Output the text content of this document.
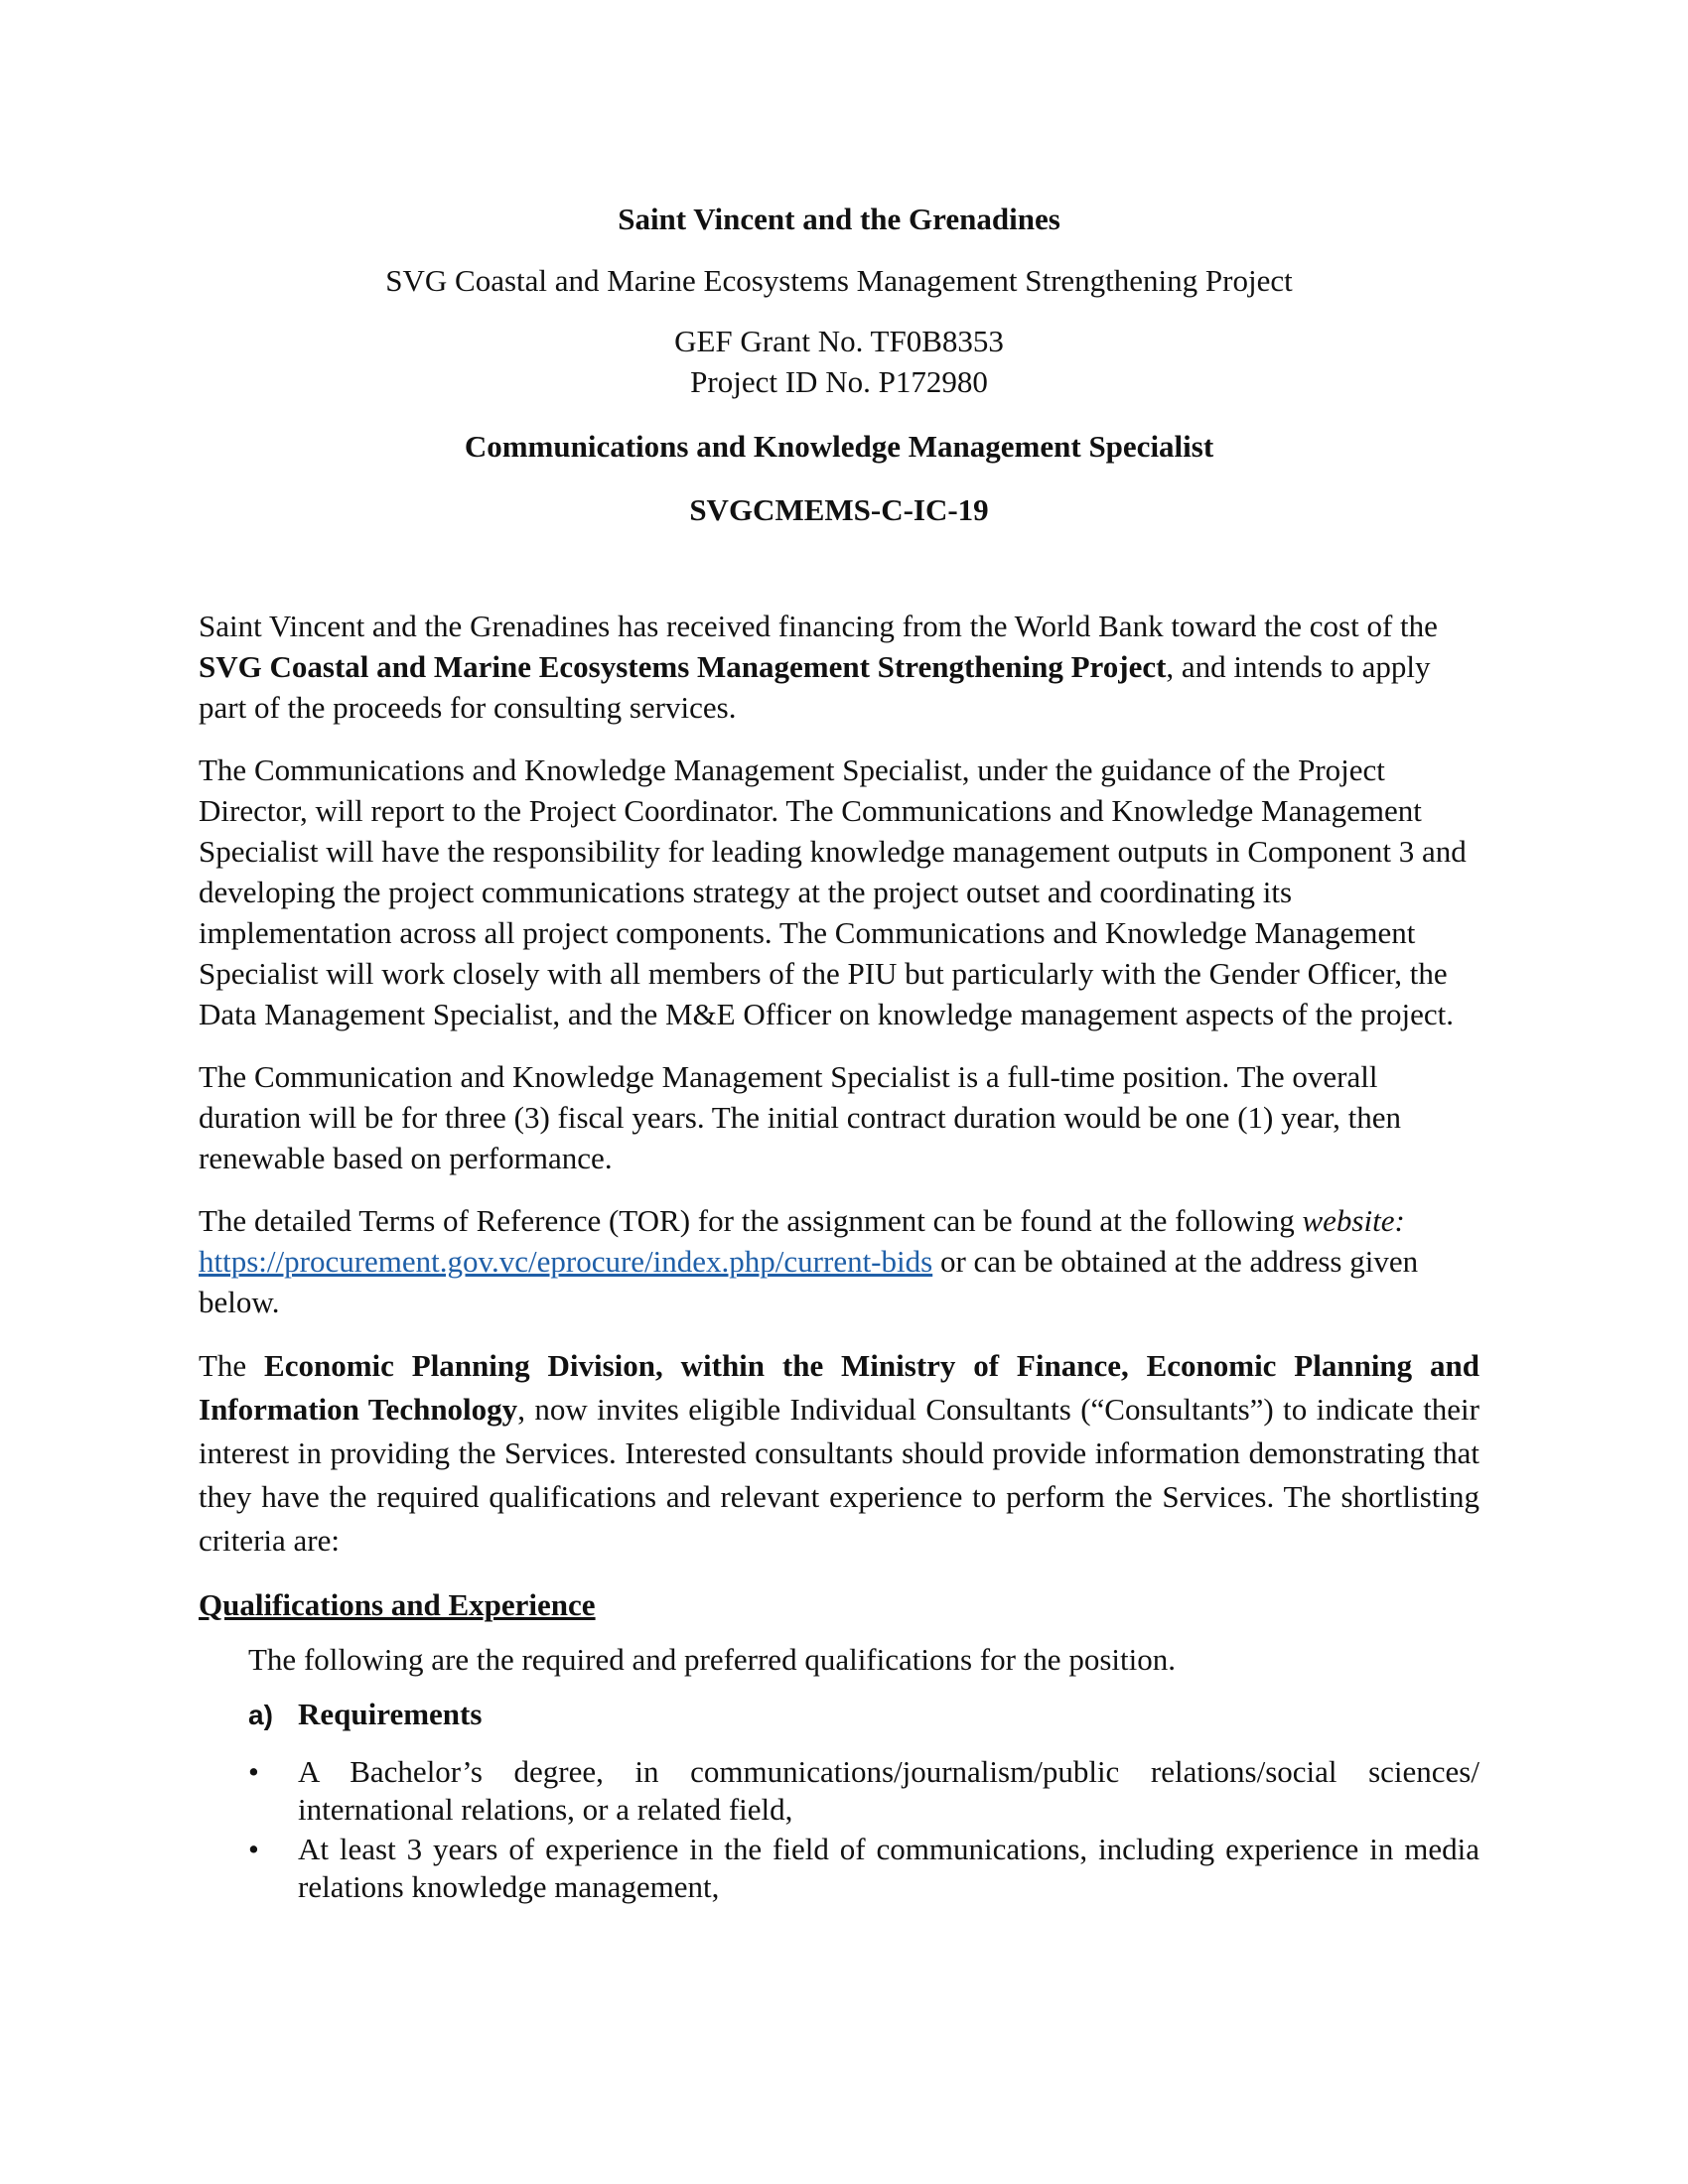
Saint Vincent and the Grenadines

SVG Coastal and Marine Ecosystems Management Strengthening Project

GEF Grant No. TF0B8353

Project ID No. P172980

Communications and Knowledge Management Specialist

SVGCMEMS-C-IC-19

Saint Vincent and the Grenadines has received financing from the World Bank toward the cost of the SVG Coastal and Marine Ecosystems Management Strengthening Project, and intends to apply part of the proceeds for consulting services.

The Communications and Knowledge Management Specialist, under the guidance of the Project Director, will report to the Project Coordinator. The Communications and Knowledge Management Specialist will have the responsibility for leading knowledge management outputs in Component 3 and developing the project communications strategy at the project outset and coordinating its implementation across all project components. The Communications and Knowledge Management Specialist will work closely with all members of the PIU but particularly with the Gender Officer, the Data Management Specialist, and the M&E Officer on knowledge management aspects of the project.

The Communication and Knowledge Management Specialist is a full-time position. The overall duration will be for three (3) fiscal years. The initial contract duration would be one (1) year, then renewable based on performance.

The detailed Terms of Reference (TOR) for the assignment can be found at the following website: https://procurement.gov.vc/eprocure/index.php/current-bids or can be obtained at the address given below.

The Economic Planning Division, within the Ministry of Finance, Economic Planning and Information Technology, now invites eligible Individual Consultants (“Consultants”) to indicate their interest in providing the Services. Interested consultants should provide information demonstrating that they have the required qualifications and relevant experience to perform the Services. The shortlisting criteria are:

Qualifications and Experience

The following are the required and preferred qualifications for the position.

a) Requirements

• A Bachelor’s degree, in communications/journalism/public relations/social sciences/ international relations, or a related field,
• At least 3 years of experience in the field of communications, including experience in media relations knowledge management,
